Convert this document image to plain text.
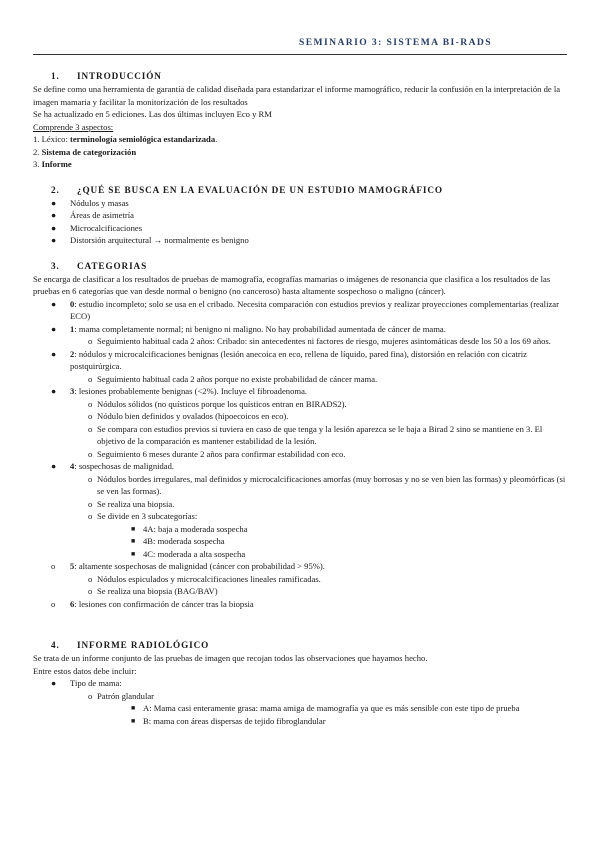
SEMINARIO 3: SISTEMA BI-RADS
1. INTRODUCCIÓN

Se define como una herramienta de garantía de calidad diseñada para estandarizar el informe mamográfico, reducir la confusión en la interpretación de la imagen mamaria y facilitar la monitorización de los resultados

Se ha actualizado en 5 ediciones. Las dos últimas incluyen Eco y RM

Comprende 3 aspectos:

1. Léxico: terminología semiológica estandarizada.
2. Sistema de categorización
3. Informe
2. ¿QUÉ SE BUSCA EN LA EVALUACIÓN DE UN ESTUDIO MAMOGRÁFICO
●	Nódulos y masas
●	Áreas de asimetría
●	Microcalcificaciones
●	Distorsión arquitectural → normalmente es benigno
3. CATEGORIAS

Se encarga de clasificar a los resultados de pruebas de mamografía, ecografías mamarias o imágenes de resonancia que clasifica a los resultados de las pruebas en 6 categorías que van desde normal o benigno (no canceroso) hasta altamente sospechoso o maligno (cáncer).

●	0: estudio incompleto; solo se usa en el cribado. Necesita comparación con estudios previos y realizar proyecciones complementarias (realizar ECO)
●	1: mama completamente normal; ni benigno ni maligno. No hay probabilidad aumentada de cáncer de mama.
o Seguimiento habitual cada 2 años: Cribado: sin antecedentes ni factores de riesgo, mujeres asintomáticas desde los 50 a los 69 años.
●	2: nódulos y microcalcificaciones benignas (lesión anecoica en eco, rellena de líquido, pared fina), distorsión en relación con cicatriz postquirúrgica.
o Seguimiento habitual cada 2 años porque no existe probabilidad de cáncer mama.
●	3: lesiones probablemente benignas (<2%). Incluye el fibroadenoma.
o Nódulos sólidos (no quísticos porque los quísticos entran en BIRADS2).
o Nódulo bien definidos y ovalados (hipoecoicos en eco).
o Se compara con estudios previos si tuviera en caso de que tenga y la lesión aparezca se le baja a Birad 2 sino se mantiene en 3. El objetivo de la comparación es mantener estabilidad de la lesión.
o Seguimiento 6 meses durante 2 años para confirmar estabilidad con eco.
●	4: sospechosas de malignidad.
o Nódulos bordes irregulares, mal definidos y microcalcificaciones amorfas (muy borrosas y no se ven bien las formas) y pleomórficas (si se ven las formas).
o Se realiza una biopsia.
o Se divide en 3 subcategorías:
■ 4A: baja a moderada sospecha
■ 4B: moderada sospecha
■ 4C: moderada a alta sospecha
o	5: altamente sospechosas de malignidad (cáncer con probabilidad > 95%).
o Nódulos espiculados y microcalcificaciones lineales ramificadas.
o Se realiza una biopsia (BAG/BAV)
o	6: lesiones con confirmación de cáncer tras la biopsia
4. INFORME RADIOLÓGICO

Se trata de un informe conjunto de las pruebas de imagen que recojan todos las observaciones que hayamos hecho.

Entre estos datos debe incluir:

●	Tipo de mama:
o Patrón glandular
■ A: Mama casi enteramente grasa: mama amiga de mamografía ya que es más sensible con este tipo de prueba
■ B: mama con áreas dispersas de tejido fibroglandular
